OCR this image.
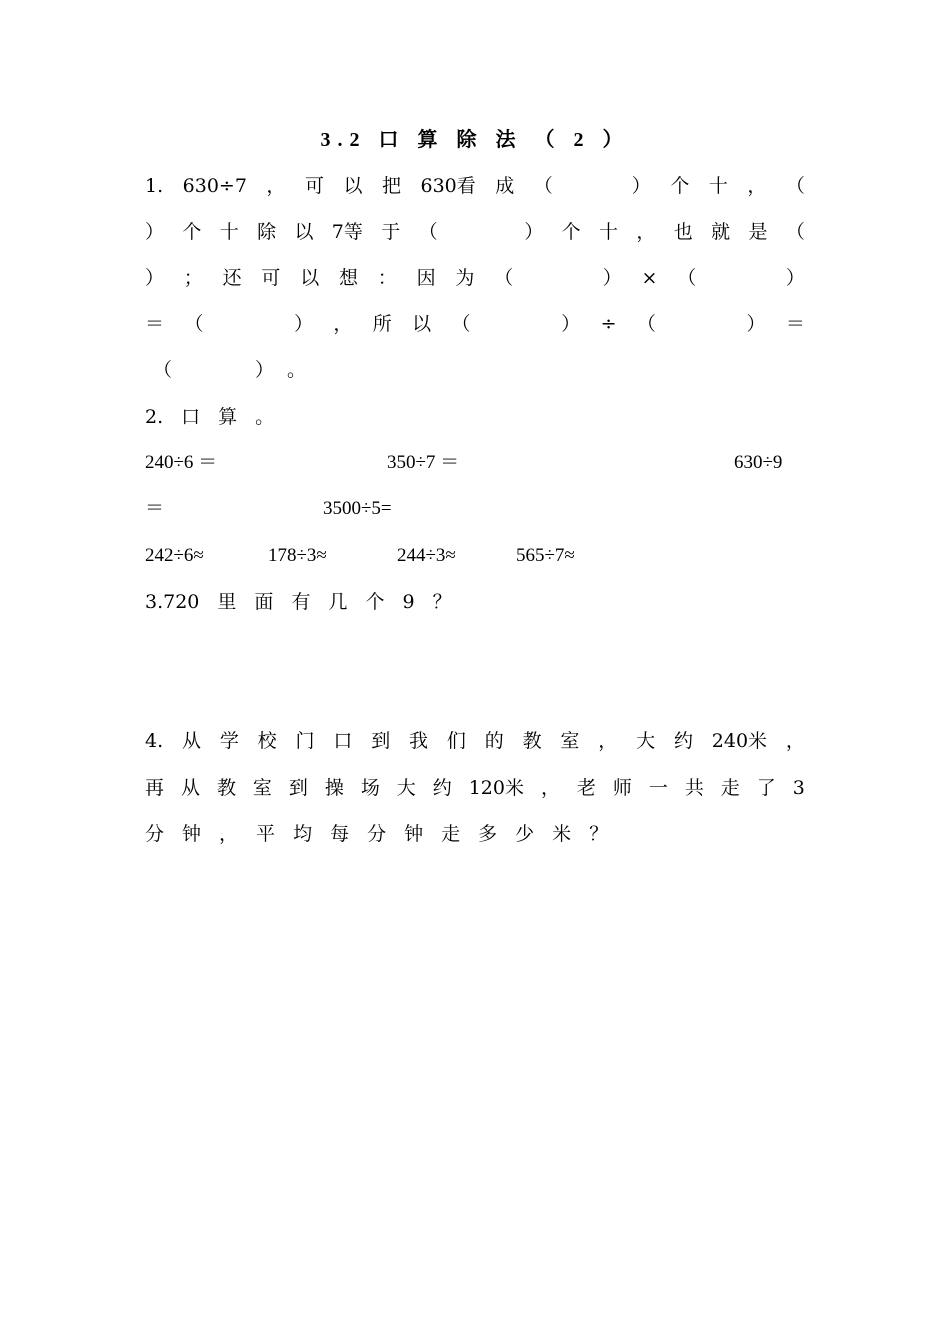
3.2 口 算 除 法 （ 2 ）
1. 630÷7 ， 可 以 把 630 看 成 （	） 个 十 ， （
） 个 十 除 以 7 等 于 （	） 个 十 ， 也 就 是 （
） ； 还 可 以 想 ： 因 为 （	） × （	）
＝ （	） ， 所 以 （	） ÷ （	） ＝
（	） 。
2. 口 算 。
240÷6 ＝	350÷7 ＝	630÷9
＝	3500÷5=
242÷6≈	178÷3≈	244÷3≈	565÷7≈
3.720 里 面 有 几 个 9 ？
4. 从 学 校 门 口 到 我 们 的 教 室 ， 大 约 240 米 ，
再 从 教 室 到 操 场 大 约 120 米 ， 老 师 一 共 走 了 3
分 钟 ， 平 均 每 分 钟 走 多 少 米 ？
